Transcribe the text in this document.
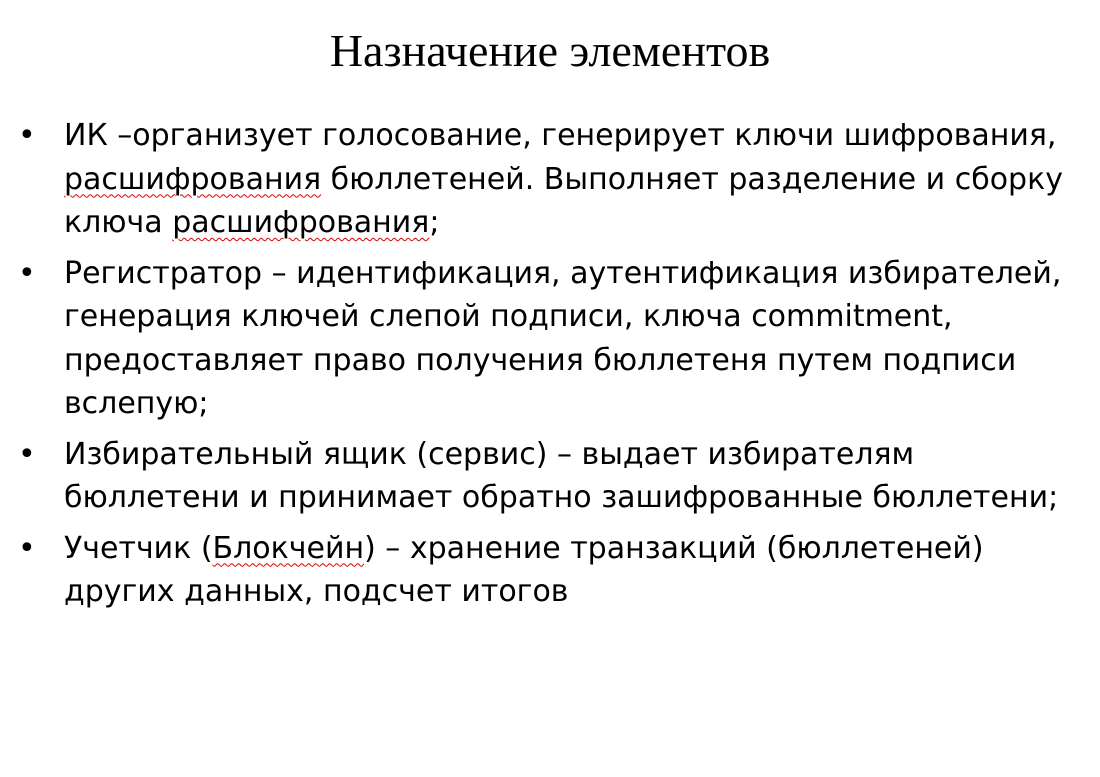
Назначение элементов
• ИК –организует голосование, генерирует ключи шифрования, расшифрования бюллетеней. Выполняет разделение и сборку ключа расшифрования;
• Регистратор – идентификация, аутентификация избирателей, генерация ключей слепой подписи, ключа commitment, предоставляет право получения бюллетеня путем подписи вслепую;
• Избирательный ящик (сервис) – выдает избирателям бюллетени и принимает обратно зашифрованные бюллетени;
• Учетчик (Блокчейн) – хранение транзакций (бюллетеней) других данных, подсчет итогов
